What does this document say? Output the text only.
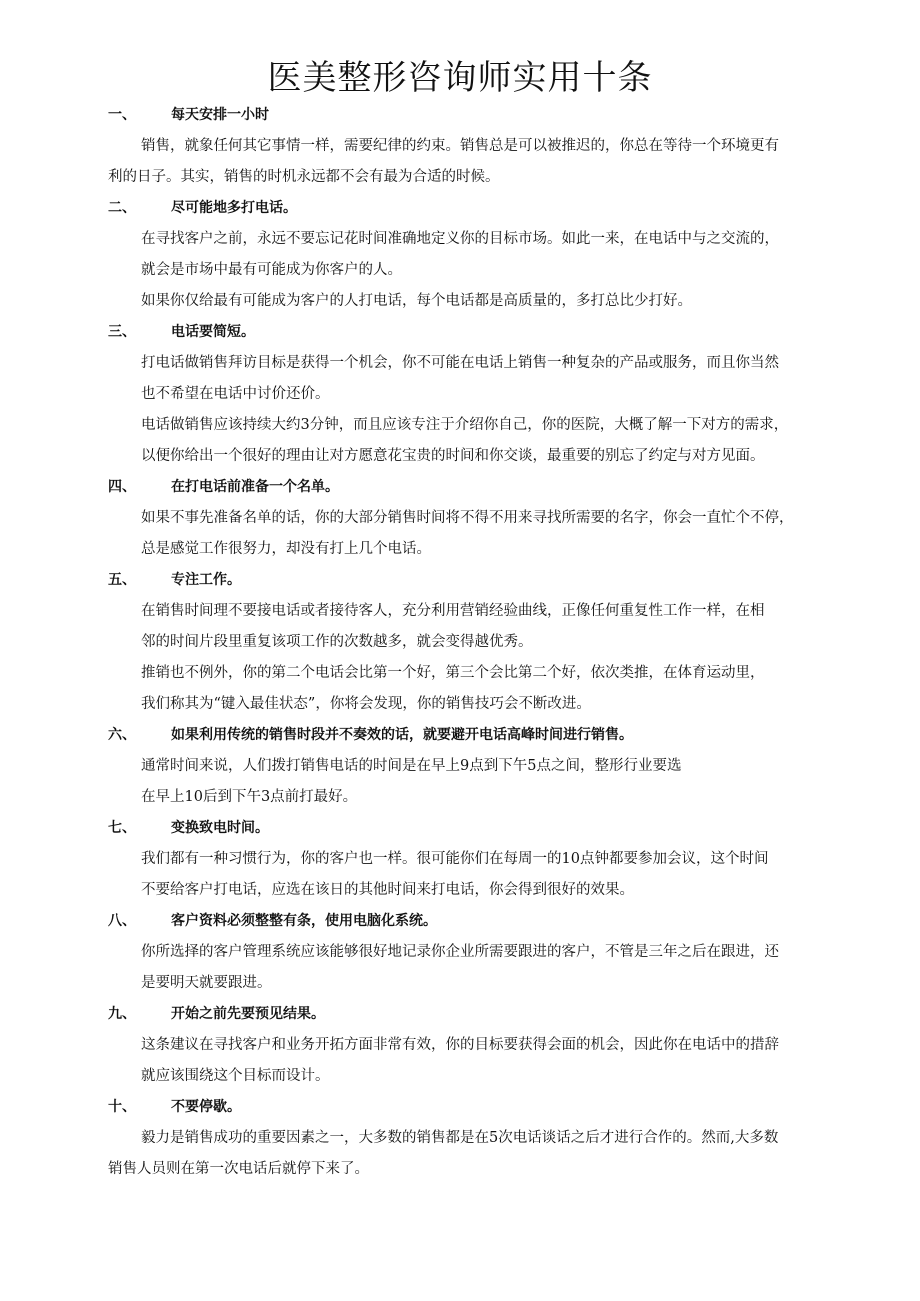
医美整形咨询师实用十条
一、	每天安排一小时

销售，就象任何其它事情一样，需要纪律的约束。销售总是可以被推迟的，你总在等待一个环境更有
利的日子。其实，销售的时机永远都不会有最为合适的时候。

二、	尽可能地多打电话。

在寻找客户之前，永远不要忘记花时间准确地定义你的目标市场。如此一来，在电话中与之交流的，
就会是市场中最有可能成为你客户的人。

如果你仅给最有可能成为客户的人打电话，每个电话都是高质量的，多打总比少打好。

三、	电话要简短。

打电话做销售拜访目标是获得一个机会，你不可能在电话上销售一种复杂的产品或服务，而且你当然
也不希望在电话中讨价还价。

电话做销售应该持续大约3分钟，而且应该专注于介绍你自己，你的医院，大概了解一下对方的需求，
以便你给出一个很好的理由让对方愿意花宝贵的时间和你交谈，最重要的别忘了约定与对方见面。

四、	在打电话前准备一个名单。

如果不事先准备名单的话，你的大部分销售时间将不得不用来寻找所需要的名字，你会一直忙个不停，
总是感觉工作很努力，却没有打上几个电话。

五、	专注工作。

在销售时间理不要接电话或者接待客人，充分利用营销经验曲线，正像任何重复性工作一样，在相
邻的时间片段里重复该项工作的次数越多，就会变得越优秀。

推销也不例外，你的第二个电话会比第一个好，第三个会比第二个好，依次类推，在体育运动里，
我们称其为“键入最佳状态”，你将会发现，你的销售技巧会不断改进。

六、	如果利用传统的销售时段并不奏效的话，就要避开电话高峰时间进行销售。

通常时间来说，人们拨打销售电话的时间是在早上9点到下午5点之间，整形行业要选
在早上10后到下午3点前打最好。

七、	变换致电时间。

我们都有一种习惯行为，你的客户也一样。很可能你们在每周一的10点钟都要参加会议，这个时间
不要给客户打电话，应选在该日的其他时间来打电话，你会得到很好的效果。

八、	客户资料必须整整有条，使用电脑化系统。

你所选择的客户管理系统应该能够很好地记录你企业所需要跟进的客户，不管是三年之后在跟进，还
是要明天就要跟进。

九、	开始之前先要预见结果。

这条建议在寻找客户和业务开拓方面非常有效，你的目标要获得会面的机会，因此你在电话中的措辞
就应该围绕这个目标而设计。

十、	不要停歇。

毅力是销售成功的重要因素之一，大多数的销售都是在5次电话谈话之后才进行合作的。然而,大多数
销售人员则在第一次电话后就停下来了。
